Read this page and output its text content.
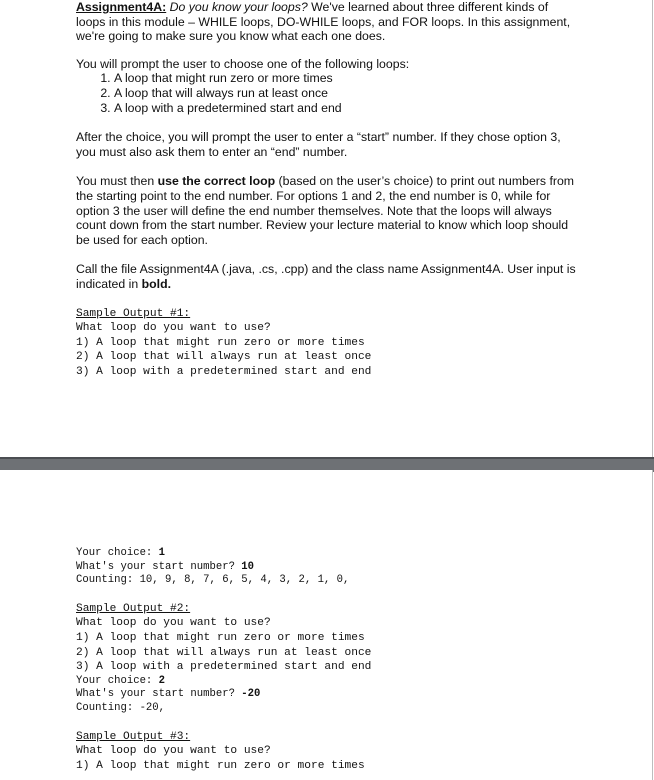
Assignment4A: Do you know your loops? We've learned about three different kinds of loops in this module – WHILE loops, DO-WHILE loops, and FOR loops. In this assignment, we're going to make sure you know what each one does.

You will prompt the user to choose one of the following loops:

1. A loop that might run zero or more times
2. A loop that will always run at least once
3. A loop with a predetermined start and end

After the choice, you will prompt the user to enter a “start” number. If they chose option 3, you must also ask them to enter an “end” number.

You must then use the correct loop (based on the user’s choice) to print out numbers from the starting point to the end number. For options 1 and 2, the end number is 0, while for option 3 the user will define the end number themselves. Note that the loops will always count down from the start number. Review your lecture material to know which loop should be used for each option.

Call the file Assignment4A (.java, .cs, .cpp) and the class name Assignment4A. User input is indicated in bold.

Sample Output #1:

What loop do you want to use?

1) A loop that might run zero or more times

2) A loop that will always run at least once

3) A loop with a predetermined start and end

Your choice: 1

What's your start number? 10

Counting: 10, 9, 8, 7, 6, 5, 4, 3, 2, 1, 0,

Sample Output #2:

What loop do you want to use?

1) A loop that might run zero or more times

2) A loop that will always run at least once

3) A loop with a predetermined start and end

Your choice: 2

What's your start number? -20

Counting: -20,

Sample Output #3:

What loop do you want to use?

1) A loop that might run zero or more times
